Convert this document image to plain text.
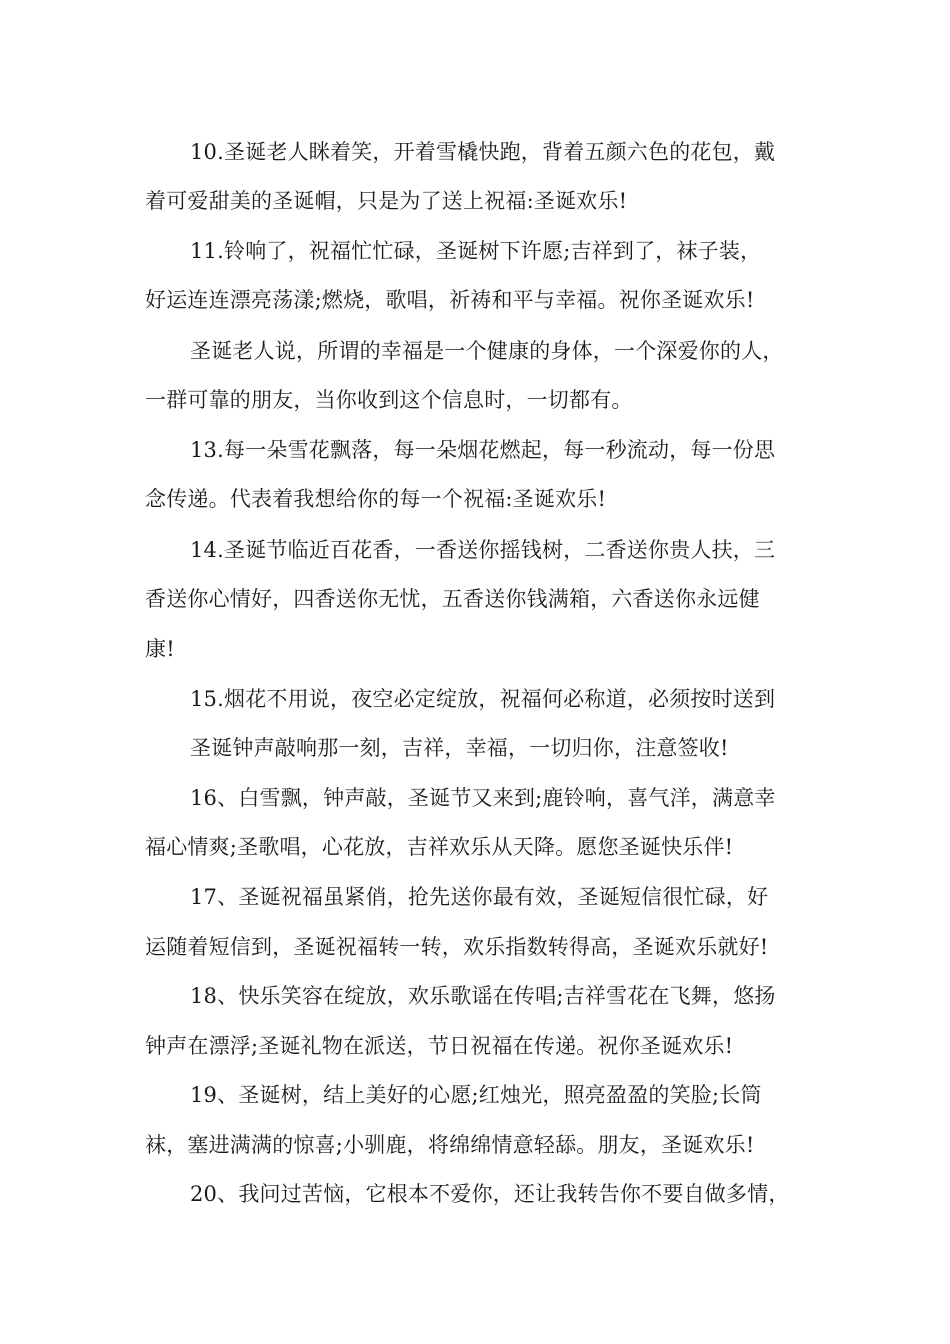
10.圣诞老人眯着笑，开着雪橇快跑，背着五颜六色的花包，戴
着可爱甜美的圣诞帽，只是为了送上祝福:圣诞欢乐!
11.铃响了，祝福忙忙碌，圣诞树下许愿;吉祥到了，袜子装，
好运连连漂亮荡漾;燃烧，歌唱，祈祷和平与幸福。祝你圣诞欢乐!
圣诞老人说，所谓的幸福是一个健康的身体，一个深爱你的人，
一群可靠的朋友，当你收到这个信息时，一切都有。
13.每一朵雪花飘落，每一朵烟花燃起，每一秒流动，每一份思
念传递。代表着我想给你的每一个祝福:圣诞欢乐!
14.圣诞节临近百花香，一香送你摇钱树，二香送你贵人扶，三
香送你心情好，四香送你无忧，五香送你钱满箱，六香送你永远健
康!
15.烟花不用说，夜空必定绽放，祝福何必称道，必须按时送到
圣诞钟声敲响那一刻，吉祥，幸福，一切归你，注意签收!
16、白雪飘，钟声敲，圣诞节又来到;鹿铃响，喜气洋，满意幸
福心情爽;圣歌唱，心花放，吉祥欢乐从天降。愿您圣诞快乐伴!
17、圣诞祝福虽紧俏，抢先送你最有效，圣诞短信很忙碌，好
运随着短信到，圣诞祝福转一转，欢乐指数转得高，圣诞欢乐就好!
18、快乐笑容在绽放，欢乐歌谣在传唱;吉祥雪花在飞舞，悠扬
钟声在漂浮;圣诞礼物在派送，节日祝福在传递。祝你圣诞欢乐!
19、圣诞树，结上美好的心愿;红烛光，照亮盈盈的笑脸;长筒
袜，塞进满满的惊喜;小驯鹿，将绵绵情意轻舔。朋友，圣诞欢乐!
20、我问过苦恼，它根本不爱你，还让我转告你不要自做多情，
